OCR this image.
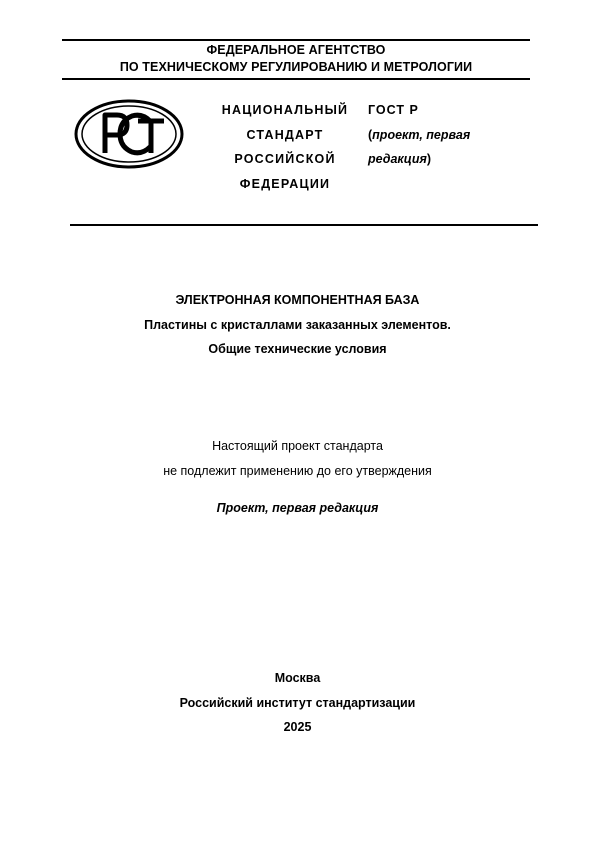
ФЕДЕРАЛЬНОЕ АГЕНТСТВО
ПО ТЕХНИЧЕСКОМУ РЕГУЛИРОВАНИЮ И МЕТРОЛОГИИ
НАЦИОНАЛЬНЫЙ
СТАНДАРТ
РОССИЙСКОЙ
ФЕДЕРАЦИИ
ГОСТ Р
(проект, первая
редакция)
ЭЛЕКТРОННАЯ КОМПОНЕНТНАЯ БАЗА
Пластины с кристаллами заказанных элементов.
Общие технические условия
Настоящий проект стандарта
не подлежит применению до его утверждения
Проект, первая редакция
Москва
Российский институт стандартизации
2025
